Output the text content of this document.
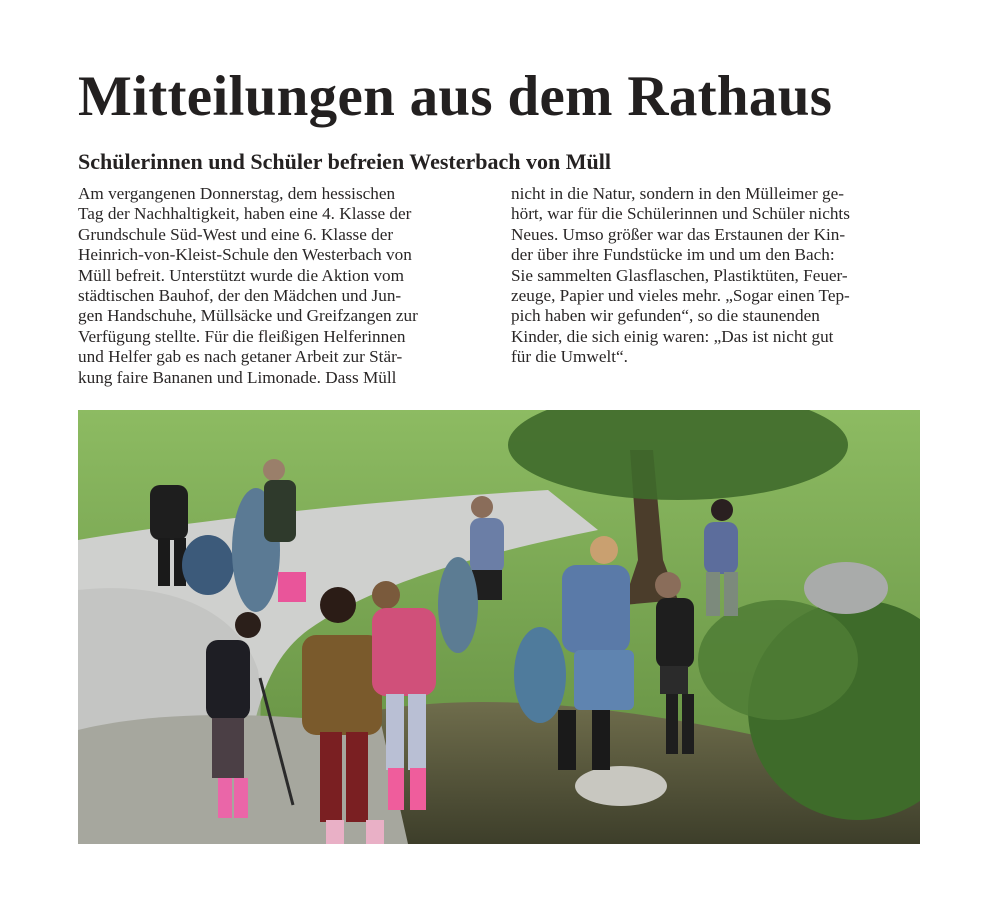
Mitteilungen aus dem Rathaus
Schülerinnen und Schüler befreien Westerbach von Müll
Am vergangenen Donnerstag, dem hessischen
Tag der Nachhaltigkeit, haben eine 4. Klasse der
Grundschule Süd-West und eine 6. Klasse der
Heinrich-von-Kleist-Schule den Westerbach von
Müll befreit. Unterstützt wurde die Aktion vom
städtischen Bauhof, der den Mädchen und Jun-
gen Handschuhe, Müllsäcke und Greifzangen zur
Verfügung stellte. Für die fleißigen Helferinnen
und Helfer gab es nach getaner Arbeit zur Stär-
kung faire Bananen und Limonade. Dass Müll
nicht in die Natur, sondern in den Mülleimer ge-
hört, war für die Schülerinnen und Schüler nichts
Neues. Umso größer war das Erstaunen der Kin-
der über ihre Fundstücke im und um den Bach:
Sie sammelten Glasflaschen, Plastiktüten, Feuer-
zeuge, Papier und vieles mehr. „Sogar einen Tep-
pich haben wir gefunden“, so die staunenden
Kinder, die sich einig waren: „Das ist nicht gut
für die Umwelt“.
